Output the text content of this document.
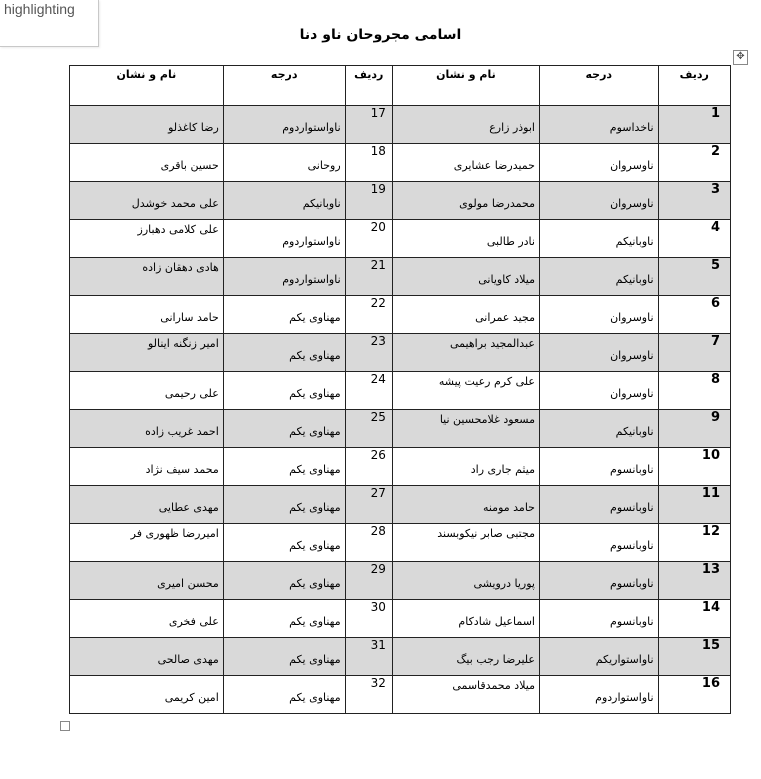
highlighting
اسامی مجروحان ناو دنا
✥
ردیف	درجه	نام و نشان	ردیف	درجه	نام و نشان
1	ناخداسوم	ابوذر زارع	17	ناواستواردوم	رضا کاغذلو

2	ناوسروان	حمیدرضا عشایری	18	روحانی	حسین باقری

3	ناوسروان	محمدرضا مولوی	19	ناوبانیکم	علی محمد خوشدل

4	ناوبانیکم	نادر طالبی	20	ناواستواردوم	علی کلامی دهبارز

5	ناوبانیکم	میلاد کاویانی	21	ناواستواردوم	هادی دهقان زاده

6	ناوسروان	مجید عمرانی	22	مهناوی یکم	حامد سارانی

7	ناوسروان	عبدالمجید براهیمی	23	مهناوی یکم	امیر زنگنه اینالو

8	ناوسروان	علی کرم رعیت پیشه	24	مهناوی یکم	علی رحیمی

9	ناوبانیکم	مسعود غلامحسین نیا	25	مهناوی یکم	احمد غریب زاده

10	ناوبانسوم	میثم جاری راد	26	مهناوی یکم	محمد سیف نژاد

11	ناوبانسوم	حامد مومنه	27	مهناوی یکم	مهدی عطایی

12	ناوبانسوم	مجتبی صابر نیکوبسند	28	مهناوی یکم	امیررضا ظهوری فر

13	ناوبانسوم	پوریا درویشی	29	مهناوی یکم	محسن امیری

14	ناوبانسوم	اسماعیل شادکام	30	مهناوی یکم	علی فخری

15	ناواستواریکم	علیرضا رجب بیگ	31	مهناوی یکم	مهدی صالحی

16	ناواستواردوم	میلاد محمدقاسمی	32	مهناوی یکم	امین کریمی
